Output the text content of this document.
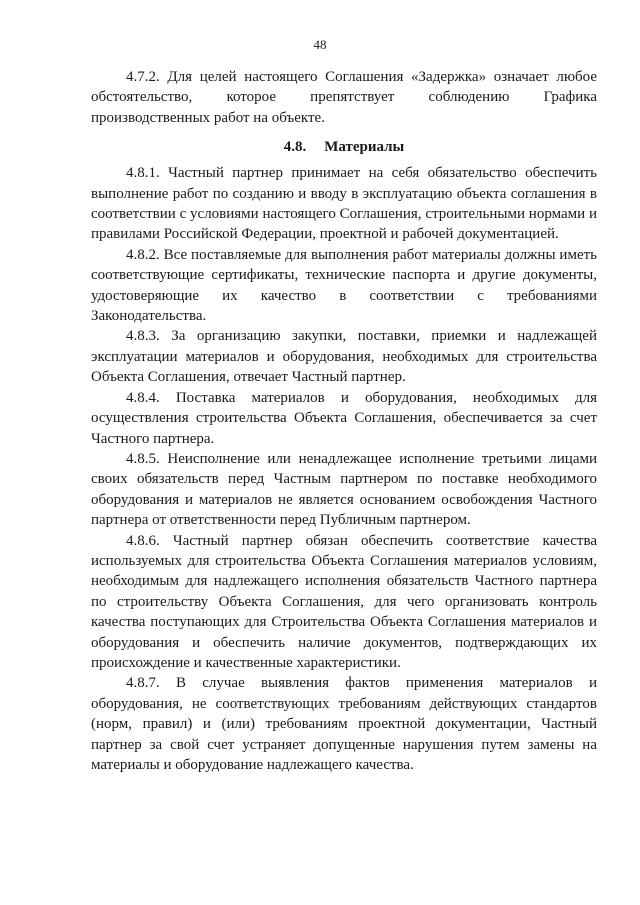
48

4.7.2. Для целей настоящего Соглашения «Задержка» означает любое обстоятельство, которое препятствует соблюдению Графика производственных работ на объекте.

4.8. Материалы

4.8.1. Частный партнер принимает на себя обязательство обеспечить выполнение работ по созданию и вводу в эксплуатацию объекта соглашения в соответствии с условиями настоящего Соглашения, строительными нормами и правилами Российской Федерации, проектной и рабочей документацией.

4.8.2. Все поставляемые для выполнения работ материалы должны иметь соответствующие сертификаты, технические паспорта и другие документы, удостоверяющие их качество в соответствии с требованиями Законодательства.

4.8.3. За организацию закупки, поставки, приемки и надлежащей эксплуатации материалов и оборудования, необходимых для строительства Объекта Соглашения, отвечает Частный партнер.

4.8.4. Поставка материалов и оборудования, необходимых для осуществления строительства Объекта Соглашения, обеспечивается за счет Частного партнера.

4.8.5. Неисполнение или ненадлежащее исполнение третьими лицами своих обязательств перед Частным партнером по поставке необходимого оборудования и материалов не является основанием освобождения Частного партнера от ответственности перед Публичным партнером.

4.8.6. Частный партнер обязан обеспечить соответствие качества используемых для строительства Объекта Соглашения материалов условиям, необходимым для надлежащего исполнения обязательств Частного партнера по строительству Объекта Соглашения, для чего организовать контроль качества поступающих для Строительства Объекта Соглашения материалов и оборудования и обеспечить наличие документов, подтверждающих их происхождение и качественные характеристики.

4.8.7. В случае выявления фактов применения материалов и оборудования, не соответствующих требованиям действующих стандартов (норм, правил) и (или) требованиям проектной документации, Частный партнер за свой счет устраняет допущенные нарушения путем замены на материалы и оборудование надлежащего качества.
